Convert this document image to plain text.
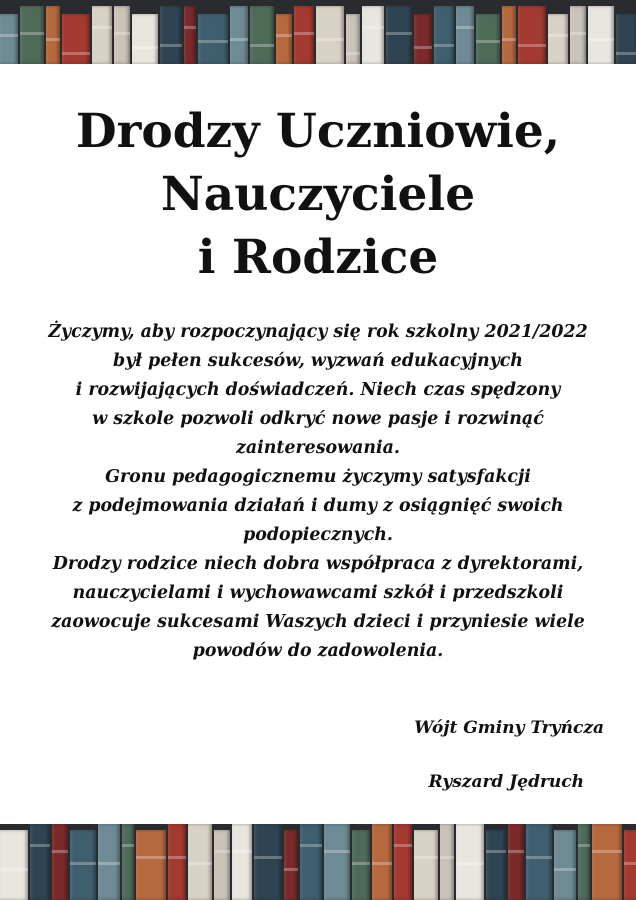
Drodzy Uczniowie,
Nauczyciele
i Rodzice

Życzymy, aby rozpoczynający się rok szkolny 2021/2022
był pełen sukcesów, wyzwań edukacyjnych
i rozwijających doświadczeń. Niech czas spędzony
w szkole pozwoli odkryć nowe pasje i rozwinąć
zainteresowania.
Gronu pedagogicznemu życzymy satysfakcji
z podejmowania działań i dumy z osiągnięć swoich
podopiecznych.
Drodzy rodzice niech dobra współpraca z dyrektorami,
nauczycielami i wychowawcami szkół i przedszkoli
zaowocuje sukcesami Waszych dzieci i przyniesie wiele
powodów do zadowolenia.

Wójt Gminy Tryńcza

Ryszard Jędruch
